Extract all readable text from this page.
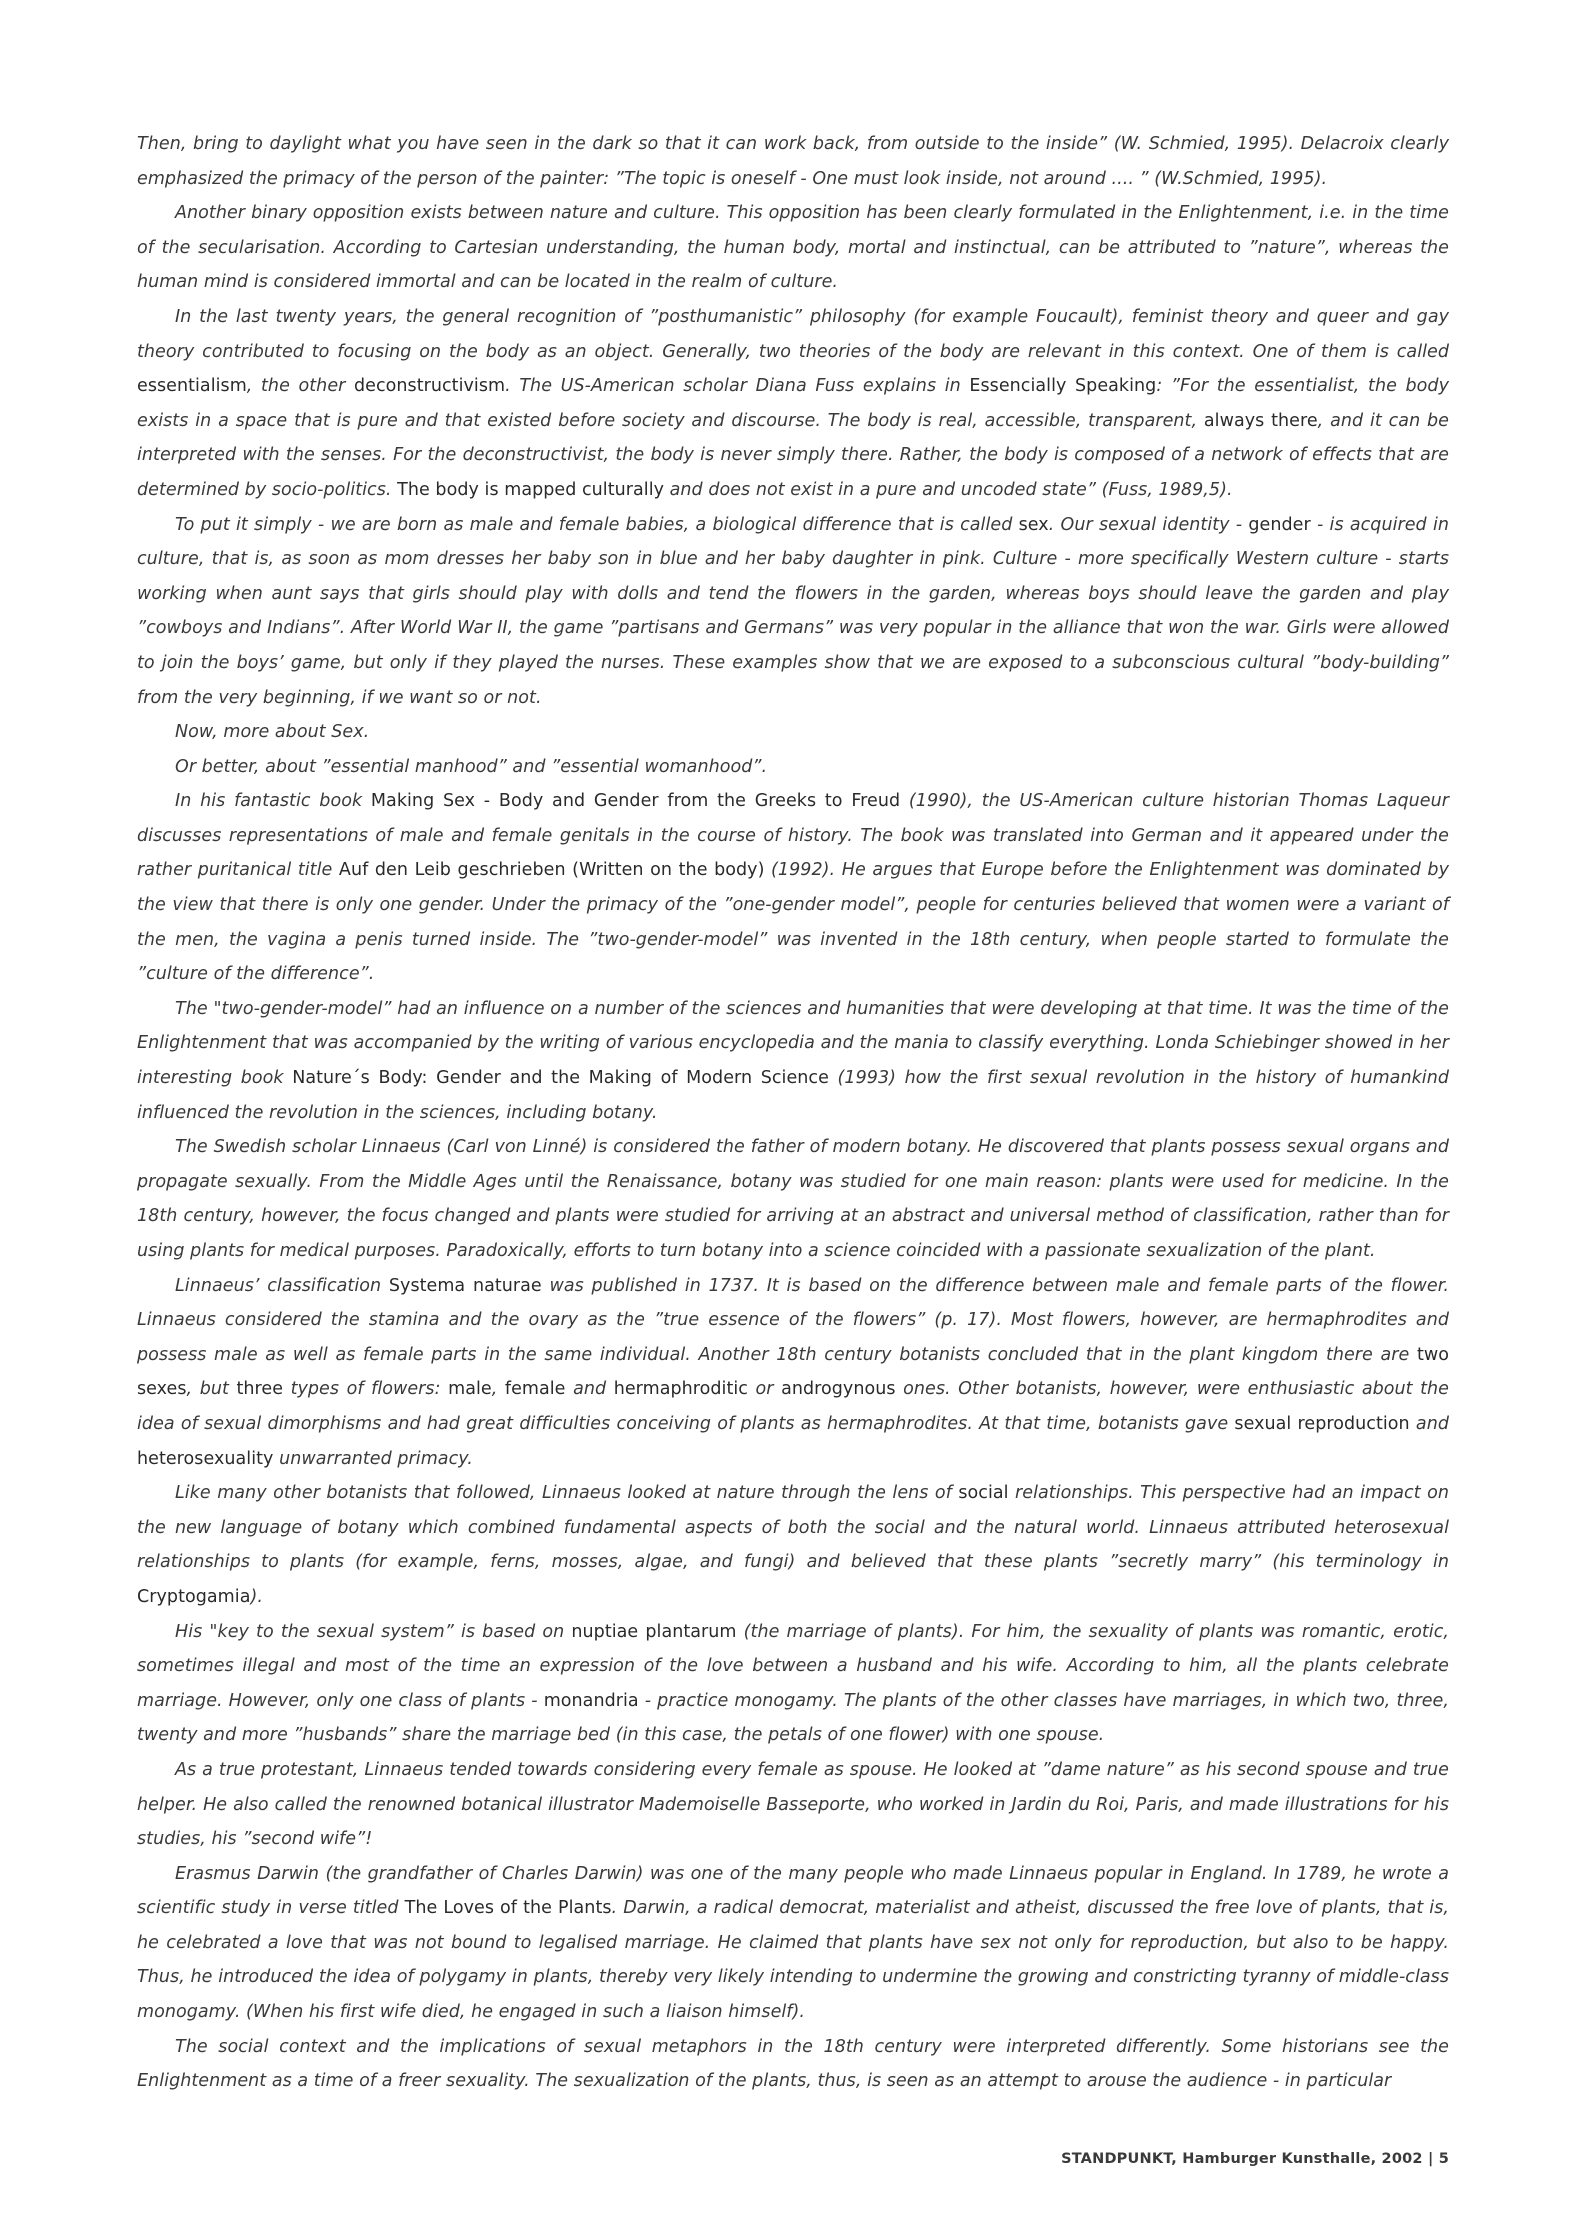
Then, bring to daylight what you have seen in the dark so that it can work back, from outside to the inside” (W. Schmied, 1995). Delacroix clearly emphasized the primacy of the person of the painter: ”The topic is oneself - One must look inside, not around .... ” (W.Schmied, 1995).

Another binary opposition exists between nature and culture. This opposition has been clearly formulated in the Enlightenment, i.e. in the time of the secularisation. According to Cartesian understanding, the human body, mortal and instinctual, can be attributed to ”nature”, whereas the human mind is considered immortal and can be located in the realm of culture.

In the last twenty years, the general recognition of ”posthumanistic” philosophy (for example Foucault), feminist theory and queer and gay theory contributed to focusing on the body as an object. Generally, two theories of the body are relevant in this context. One of them is called essentialism, the other deconstructivism. The US-American scholar Diana Fuss explains in Essencially Speaking: ”For the essentialist, the body exists in a space that is pure and that existed before society and discourse. The body is real, accessible, transparent, always there, and it can be interpreted with the senses. For the deconstructivist, the body is never simply there. Rather, the body is composed of a network of effects that are determined by socio-politics. The body is mapped culturally and does not exist in a pure and uncoded state” (Fuss, 1989,5).

To put it simply - we are born as male and female babies, a biological difference that is called sex. Our sexual identity - gender - is acquired in culture, that is, as soon as mom dresses her baby son in blue and her baby daughter in pink. Culture - more specifically Western culture - starts working when aunt says that girls should play with dolls and tend the flowers in the garden, whereas boys should leave the garden and play ”cowboys and Indians”. After World War II, the game ”partisans and Germans” was very popular in the alliance that won the war. Girls were allowed to join the boys’ game, but only if they played the nurses. These examples show that we are exposed to a subconscious cultural ”body-building” from the very beginning, if we want so or not.

Now, more about Sex.

Or better, about ”essential manhood” and ”essential womanhood”.

In his fantastic book Making Sex - Body and Gender from the Greeks to Freud (1990), the US-American culture historian Thomas Laqueur discusses representations of male and female genitals in the course of history. The book was translated into German and it appeared under the rather puritanical title Auf den Leib geschrieben (Written on the body) (1992). He argues that Europe before the Enlightenment was dominated by the view that there is only one gender. Under the primacy of the ”one-gender model”, people for centuries believed that women were a variant of the men, the vagina a penis turned inside. The ”two-gender-model” was invented in the 18th century, when people started to formulate the ”culture of the difference”.

The "two-gender-model” had an influence on a number of the sciences and humanities that were developing at that time. It was the time of the Enlightenment that was accompanied by the writing of various encyclopedia and the mania to classify everything. Londa Schiebinger showed in her interesting book Nature´s Body: Gender and the Making of Modern Science (1993) how the first sexual revolution in the history of humankind influenced the revolution in the sciences, including botany.

The Swedish scholar Linnaeus (Carl von Linné) is considered the father of modern botany. He discovered that plants possess sexual organs and propagate sexually. From the Middle Ages until the Renaissance, botany was studied for one main reason: plants were used for medicine. In the 18th century, however, the focus changed and plants were studied for arriving at an abstract and universal method of classification, rather than for using plants for medical purposes. Paradoxically, efforts to turn botany into a science coincided with a passionate sexualization of the plant.

Linnaeus’ classification Systema naturae was published in 1737. It is based on the difference between male and female parts of the flower. Linnaeus considered the stamina and the ovary as the ”true essence of the flowers” (p. 17). Most flowers, however, are hermaphrodites and possess male as well as female parts in the same individual. Another 18th century botanists concluded that in the plant kingdom there are two sexes, but three types of flowers: male, female and hermaphroditic or androgynous ones. Other botanists, however, were enthusiastic about the idea of sexual dimorphisms and had great difficulties conceiving of plants as hermaphrodites. At that time, botanists gave sexual reproduction and heterosexuality unwarranted primacy.

Like many other botanists that followed, Linnaeus looked at nature through the lens of social relationships. This perspective had an impact on the new language of botany which combined fundamental aspects of both the social and the natural world. Linnaeus attributed heterosexual relationships to plants (for example, ferns, mosses, algae, and fungi) and believed that these plants ”secretly marry” (his terminology in Cryptogamia).

His "key to the sexual system” is based on nuptiae plantarum (the marriage of plants). For him, the sexuality of plants was romantic, erotic, sometimes illegal and most of the time an expression of the love between a husband and his wife. According to him, all the plants celebrate marriage. However, only one class of plants - monandria - practice monogamy. The plants of the other classes have marriages, in which two, three, twenty and more ”husbands” share the marriage bed (in this case, the petals of one flower) with one spouse.

As a true protestant, Linnaeus tended towards considering every female as spouse. He looked at ”dame nature” as his second spouse and true helper. He also called the renowned botanical illustrator Mademoiselle Basseporte, who worked in Jardin du Roi, Paris, and made illustrations for his studies, his ”second wife”!

Erasmus Darwin (the grandfather of Charles Darwin) was one of the many people who made Linnaeus popular in England. In 1789, he wrote a scientific study in verse titled The Loves of the Plants. Darwin, a radical democrat, materialist and atheist, discussed the free love of plants, that is, he celebrated a love that was not bound to legalised marriage. He claimed that plants have sex not only for reproduction, but also to be happy. Thus, he introduced the idea of polygamy in plants, thereby very likely intending to undermine the growing and constricting tyranny of middle-class monogamy. (When his first wife died, he engaged in such a liaison himself).

The social context and the implications of sexual metaphors in the 18th century were interpreted differently. Some historians see the Enlightenment as a time of a freer sexuality. The sexualization of the plants, thus, is seen as an attempt to arouse the audience - in particular

STANDPUNKT, Hamburger Kunsthalle, 2002 | 5
